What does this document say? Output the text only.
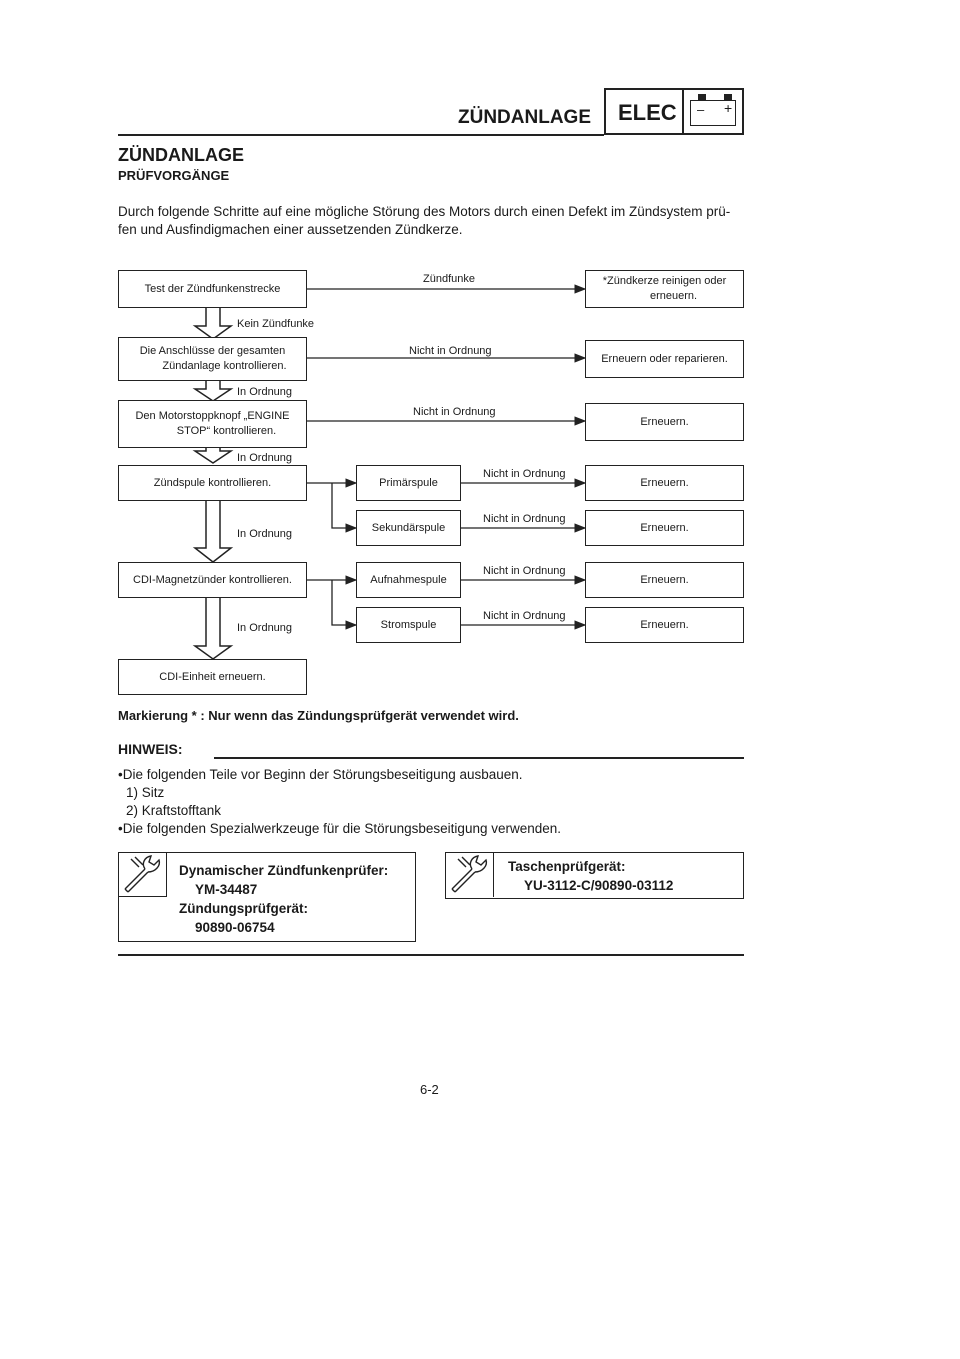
ZÜNDANLAGE ELEC – +
ZÜNDANLAGE
PRÜFVORGÄNGE
Durch folgende Schritte auf eine mögliche Störung des Motors durch einen Defekt im Zündsystem prü-
fen und Ausfindigmachen einer aussetzenden Zündkerze.
Test der Zündfunkenstrecke
Zündfunke	*Zündkerze reinigen oder
erneuern.
Kein Zündfunke
Die Anschlüsse der gesamten
Zündanlage kontrollieren.
Nicht in Ordnung
Erneuern oder reparieren.
In Ordnung
Den Motorstoppknopf „ENGINE
STOP“ kontrollieren.
Nicht in Ordnung
Erneuern.
In Ordnung
Zündspule kontrollieren.	Primärspule
Nicht in Ordnung
Erneuern.
Sekundärspule
Nicht in Ordnung
Erneuern.
In Ordnung
CDI-Magnetzünder kontrollieren.	Aufnahmespule
Nicht in Ordnung
Erneuern.
Stromspule
Nicht in Ordnung
Erneuern.
In Ordnung
CDI-Einheit erneuern.
Markierung * : Nur wenn das Zündungsprüfgerät verwendet wird.
HINWEIS:
•Die folgenden Teile vor Beginn der Störungsbeseitigung ausbauen.
1) Sitz
2) Kraftstofftank
•Die folgenden Spezialwerkzeuge für die Störungsbeseitigung verwenden.
Dynamischer Zündfunkenprüfer:
YM-34487
Zündungsprüfgerät:
90890-06754
Taschenprüfgerät:
YU-3112-C/90890-03112
6-2
